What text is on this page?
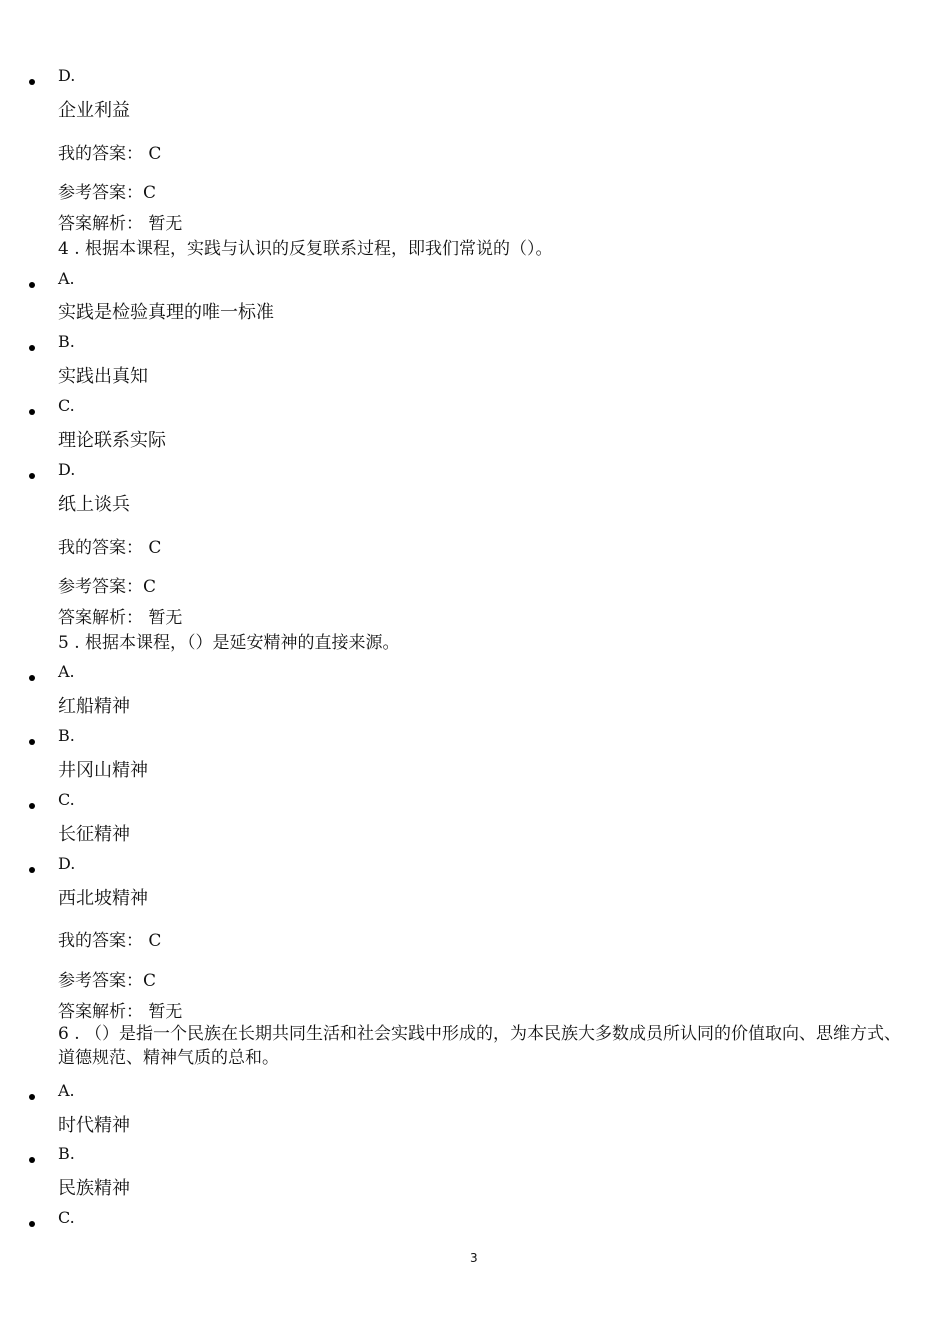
D.
企业利益
我的答案： C
参考答案：C
答案解析： 暂无
4 . 根据本课程，实践与认识的反复联系过程，即我们常说的（）。
A.
实践是检验真理的唯一标准
B.
实践出真知
C.
理论联系实际
D.
纸上谈兵
我的答案： C
参考答案：C
答案解析： 暂无
5 . 根据本课程，（）是延安精神的直接来源。
A.
红船精神
B.
井冈山精神
C.
长征精神
D.
西北坡精神
我的答案： C
参考答案：C
答案解析： 暂无
6 . （）是指一个民族在长期共同生活和社会实践中形成的，为本民族大多数成员所认同的价值取向、思维方式、道德规范、精神气质的总和。
A.
时代精神
B.
民族精神
C.
3
